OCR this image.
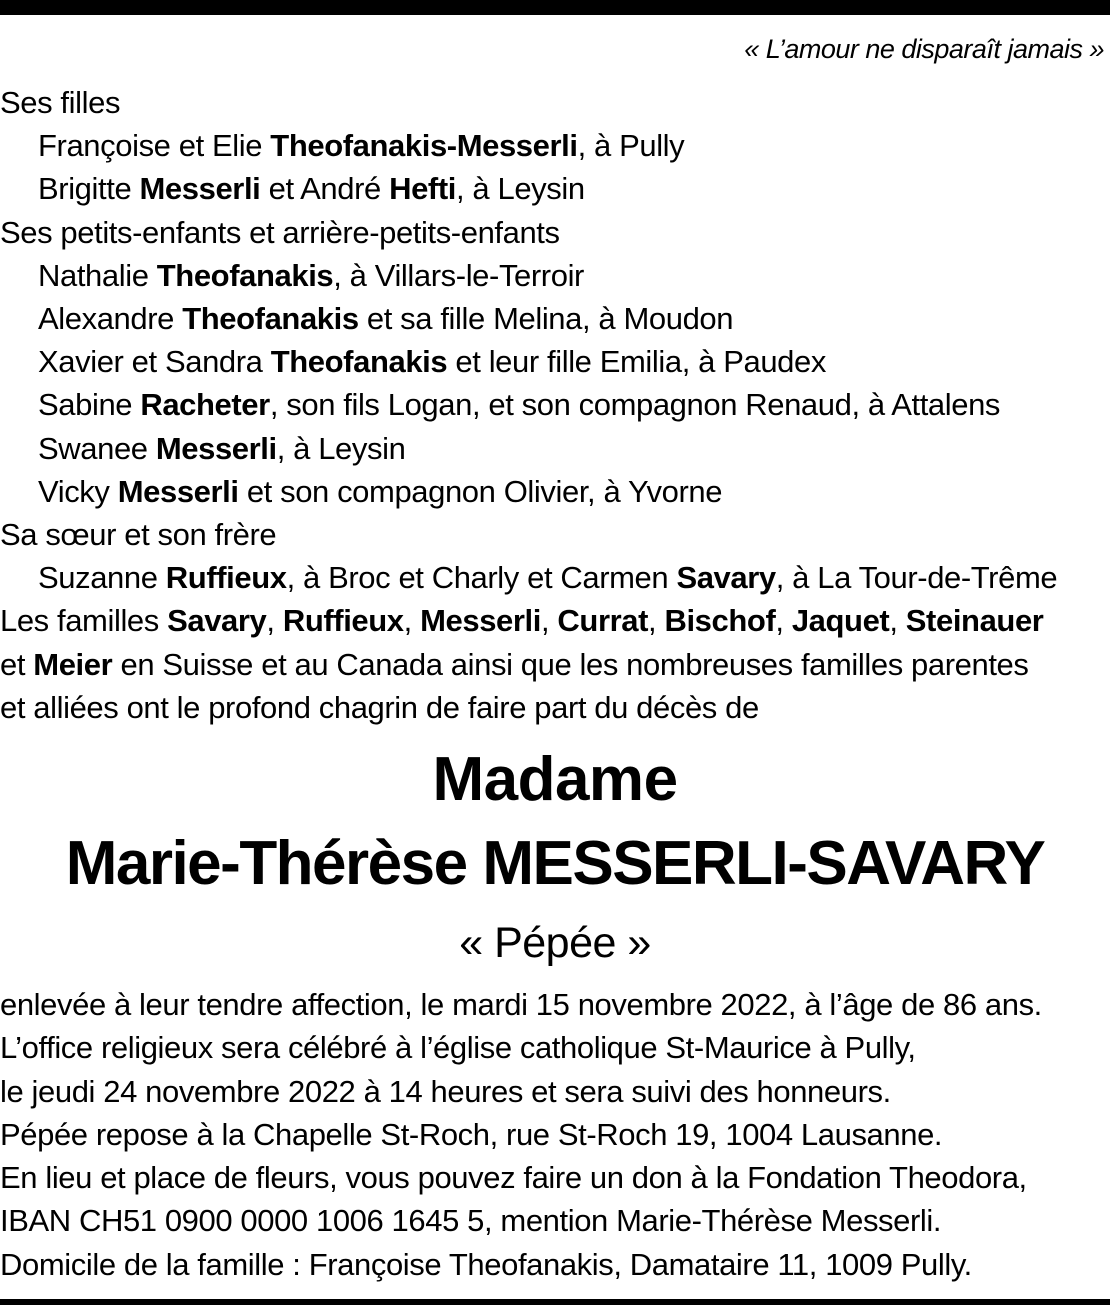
« L’amour ne disparaît jamais »
Ses filles
Françoise et Elie Theofanakis-Messerli, à Pully
Brigitte Messerli et André Hefti, à Leysin
Ses petits-enfants et arrière-petits-enfants
Nathalie Theofanakis, à Villars-le-Terroir
Alexandre Theofanakis et sa fille Melina, à Moudon
Xavier et Sandra Theofanakis et leur fille Emilia, à Paudex
Sabine Racheter, son fils Logan, et son compagnon Renaud, à Attalens
Swanee Messerli, à Leysin
Vicky Messerli et son compagnon Olivier, à Yvorne
Sa sœur et son frère
Suzanne Ruffieux, à Broc et Charly et Carmen Savary, à La Tour-de-Trême
Les familles Savary, Ruffieux, Messerli, Currat, Bischof, Jaquet, Steinauer
et Meier en Suisse et au Canada ainsi que les nombreuses familles parentes
et alliées ont le profond chagrin de faire part du décès de
Madame
Marie-Thérèse MESSERLI-SAVARY
« Pépée »
enlevée à leur tendre affection, le mardi 15 novembre 2022, à l’âge de 86 ans.
L’office religieux sera célébré à l’église catholique St-Maurice à Pully,
le jeudi 24 novembre 2022 à 14 heures et sera suivi des honneurs.
Pépée repose à la Chapelle St-Roch, rue St-Roch 19, 1004 Lausanne.
En lieu et place de fleurs, vous pouvez faire un don à la Fondation Theodora,
IBAN CH51 0900 0000 1006 1645 5, mention Marie-Thérèse Messerli.
Domicile de la famille : Françoise Theofanakis, Damataire 11, 1009 Pully.
